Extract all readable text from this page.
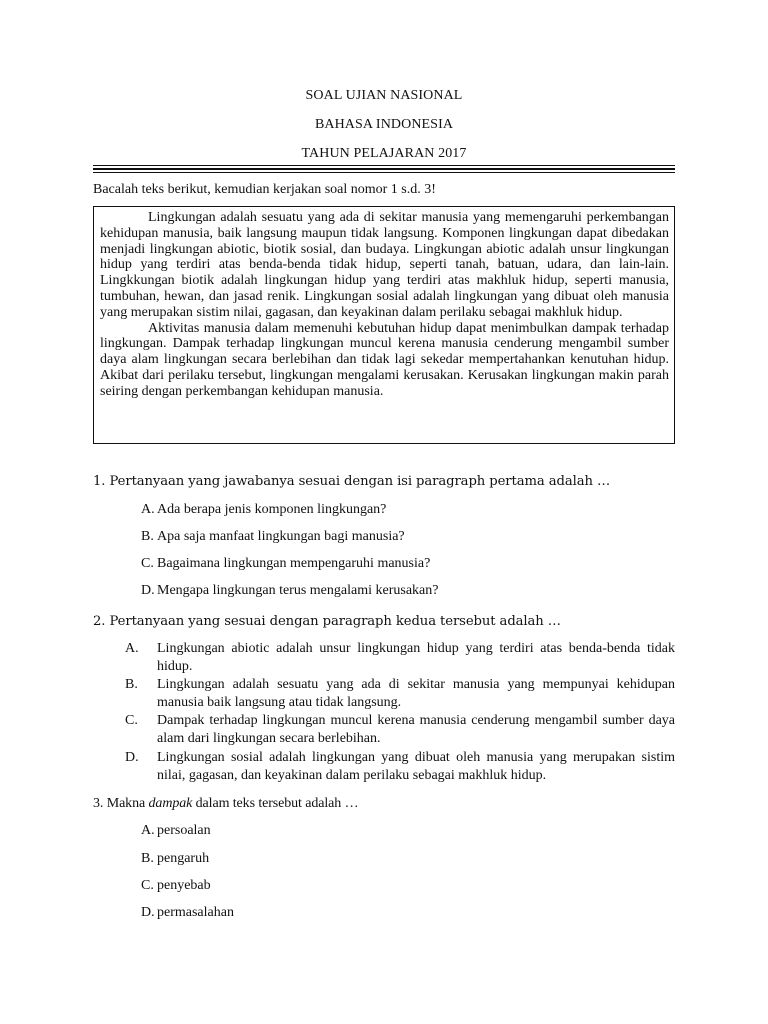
SOAL UJIAN NASIONAL
BAHASA INDONESIA
TAHUN PELAJARAN 2017
Bacalah teks berikut, kemudian kerjakan soal nomor 1 s.d. 3!

Lingkungan adalah sesuatu yang ada di sekitar manusia yang memengaruhi perkembangan kehidupan manusia, baik langsung maupun tidak langsung. Komponen lingkungan dapat dibedakan menjadi lingkungan abiotic, biotik sosial, dan budaya. Lingkungan abiotic adalah unsur lingkungan hidup yang terdiri atas benda-benda tidak hidup, seperti tanah, batuan, udara, dan lain-lain. Lingkkungan biotik adalah lingkungan hidup yang terdiri atas makhluk hidup, seperti manusia, tumbuhan, hewan, dan jasad renik. Lingkungan sosial adalah lingkungan yang dibuat oleh manusia yang merupakan sistim nilai, gagasan, dan keyakinan dalam perilaku sebagai makhluk hidup.

Aktivitas manusia dalam memenuhi kebutuhan hidup dapat menimbulkan dampak terhadap lingkungan. Dampak terhadap lingkungan muncul kerena manusia cenderung mengambil sumber daya alam lingkungan secara berlebihan dan tidak lagi sekedar mempertahankan kenutuhan hidup. Akibat dari perilaku tersebut, lingkungan mengalami kerusakan. Kerusakan lingkungan makin parah seiring dengan perkembangan kehidupan manusia.

1. Pertanyaan yang jawabanya sesuai dengan isi paragraph pertama adalah …
A. Ada berapa jenis komponen lingkungan?
B. Apa saja manfaat lingkungan bagi manusia?
C. Bagaimana lingkungan mempengaruhi manusia?
D. Mengapa lingkungan terus mengalami kerusakan?
2. Pertanyaan yang sesuai dengan paragraph kedua tersebut adalah …
A. Lingkungan abiotic adalah unsur lingkungan hidup yang terdiri atas benda-benda tidak hidup.
B. Lingkungan adalah sesuatu yang ada di sekitar manusia yang mempunyai kehidupan manusia baik langsung atau tidak langsung.
C. Dampak terhadap lingkungan muncul kerena manusia cenderung mengambil sumber daya alam dari lingkungan secara berlebihan.
D. Lingkungan sosial adalah lingkungan yang dibuat oleh manusia yang merupakan sistim nilai, gagasan, dan keyakinan dalam perilaku sebagai makhluk hidup.
3. Makna dampak dalam teks tersebut adalah …
A. persoalan
B. pengaruh
C. penyebab
D. permasalahan
